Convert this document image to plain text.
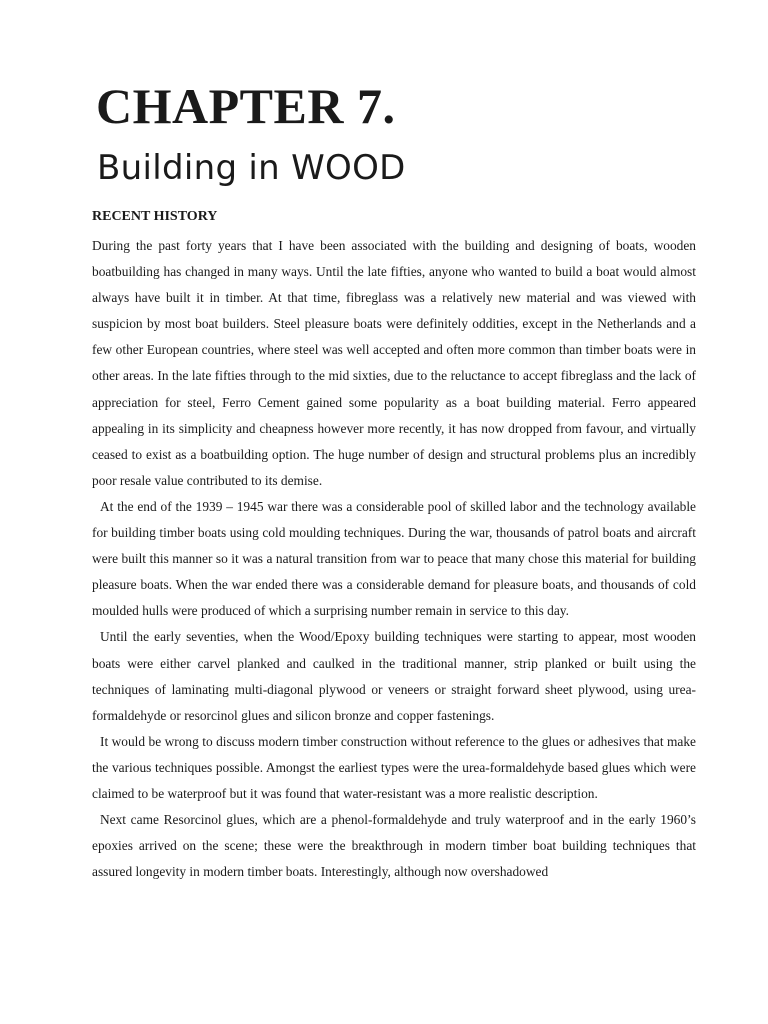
CHAPTER 7.
Building in WOOD
RECENT HISTORY

During the past forty years that I have been associated with the building and designing of boats, wooden boatbuilding has changed in many ways. Until the late fifties, anyone who wanted to build a boat would almost always have built it in timber. At that time, fibreglass was a relatively new material and was viewed with suspicion by most boat builders. Steel pleasure boats were definitely oddities, except in the Netherlands and a few other European countries, where steel was well accepted and often more common than timber boats were in other areas. In the late fifties through to the mid sixties, due to the reluctance to accept fibreglass and the lack of appreciation for steel, Ferro Cement gained some popularity as a boat building material. Ferro appeared appealing in its simplicity and cheapness however more recently, it has now dropped from favour, and virtually ceased to exist as a boatbuilding option. The huge number of design and structural problems plus an incredibly poor resale value contributed to its demise.

At the end of the 1939 – 1945 war there was a considerable pool of skilled labor and the technology available for building timber boats using cold moulding techniques. During the war, thousands of patrol boats and aircraft were built this manner so it was a natural transition from war to peace that many chose this material for building pleasure boats. When the war ended there was a considerable demand for pleasure boats, and thousands of cold moulded hulls were produced of which a surprising number remain in service to this day.

Until the early seventies, when the Wood/Epoxy building techniques were starting to appear, most wooden boats were either carvel planked and caulked in the traditional manner, strip planked or built using the techniques of laminating multi-diagonal plywood or veneers or straight forward sheet plywood, using urea-formaldehyde or resorcinol glues and silicon bronze and copper fastenings.

It would be wrong to discuss modern timber construction without reference to the glues or adhesives that make the various techniques possible. Amongst the earliest types were the urea-formaldehyde based glues which were claimed to be waterproof but it was found that water-resistant was a more realistic description.

Next came Resorcinol glues, which are a phenol-formaldehyde and truly waterproof and in the early 1960’s epoxies arrived on the scene; these were the breakthrough in modern timber boat building techniques that assured longevity in modern timber boats. Interestingly, although now overshadowed
